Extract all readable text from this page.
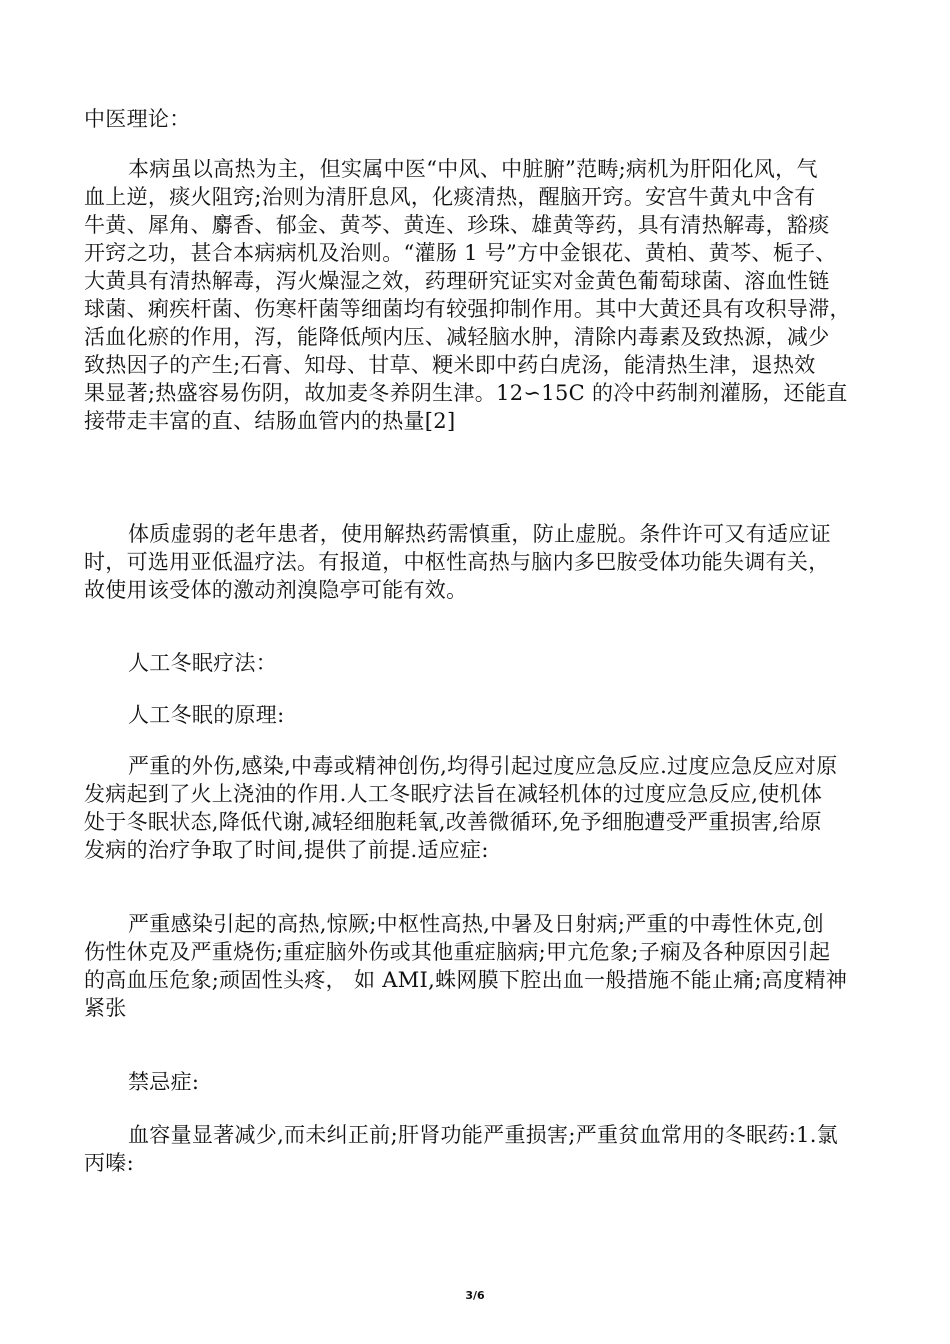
中医理论：

本病虽以高热为主，但实属中医“中风、中脏腑”范畴;病机为肝阳化风，气
血上逆，痰火阻窍;治则为清肝息风，化痰清热，醒脑开窍。安宫牛黄丸中含有
牛黄、犀角、麝香、郁金、黄芩、黄连、珍珠、雄黄等药，具有清热解毒，豁痰
开窍之功，甚合本病病机及治则。“灌肠 1 号”方中金银花、黄柏、黄芩、栀子、
大黄具有清热解毒，泻火燥湿之效，药理研究证实对金黄色葡萄球菌、溶血性链
球菌、痢疾杆菌、伤寒杆菌等细菌均有较强抑制作用。其中大黄还具有攻积导滞，
活血化瘀的作用，泻，能降低颅内压、减轻脑水肿，清除内毒素及致热源，减少
致热因子的产生;石膏、知母、甘草、粳米即中药白虎汤，能清热生津，退热效
果显著;热盛容易伤阴，故加麦冬养阴生津。12∽15C 的冷中药制剂灌肠，还能直
接带走丰富的直、结肠血管内的热量[2]

体质虚弱的老年患者，使用解热药需慎重，防止虚脱。条件许可又有适应证
时，可选用亚低温疗法。有报道，中枢性高热与脑内多巴胺受体功能失调有关，
故使用该受体的激动剂溴隐亭可能有效。

人工冬眠疗法：

人工冬眠的原理:

严重的外伤,感染,中毒或精神创伤,均得引起过度应急反应.过度应急反应对原
发病起到了火上浇油的作用.人工冬眠疗法旨在减轻机体的过度应急反应,使机体
处于冬眠状态,降低代谢,减轻细胞耗氧,改善微循环,免予细胞遭受严重损害,给原
发病的治疗争取了时间,提供了前提.适应症:

严重感染引起的高热,惊厥;中枢性高热,中暑及日射病;严重的中毒性休克,创
伤性休克及严重烧伤;重症脑外伤或其他重症脑病;甲亢危象;子痫及各种原因引起
的高血压危象;顽固性头疼， 如 AMI,蛛网膜下腔出血一般措施不能止痛;高度精神
紧张

禁忌症:

血容量显著减少,而未纠正前;肝肾功能严重损害;严重贫血常用的冬眠药:1.氯
丙嗪:

3/6
